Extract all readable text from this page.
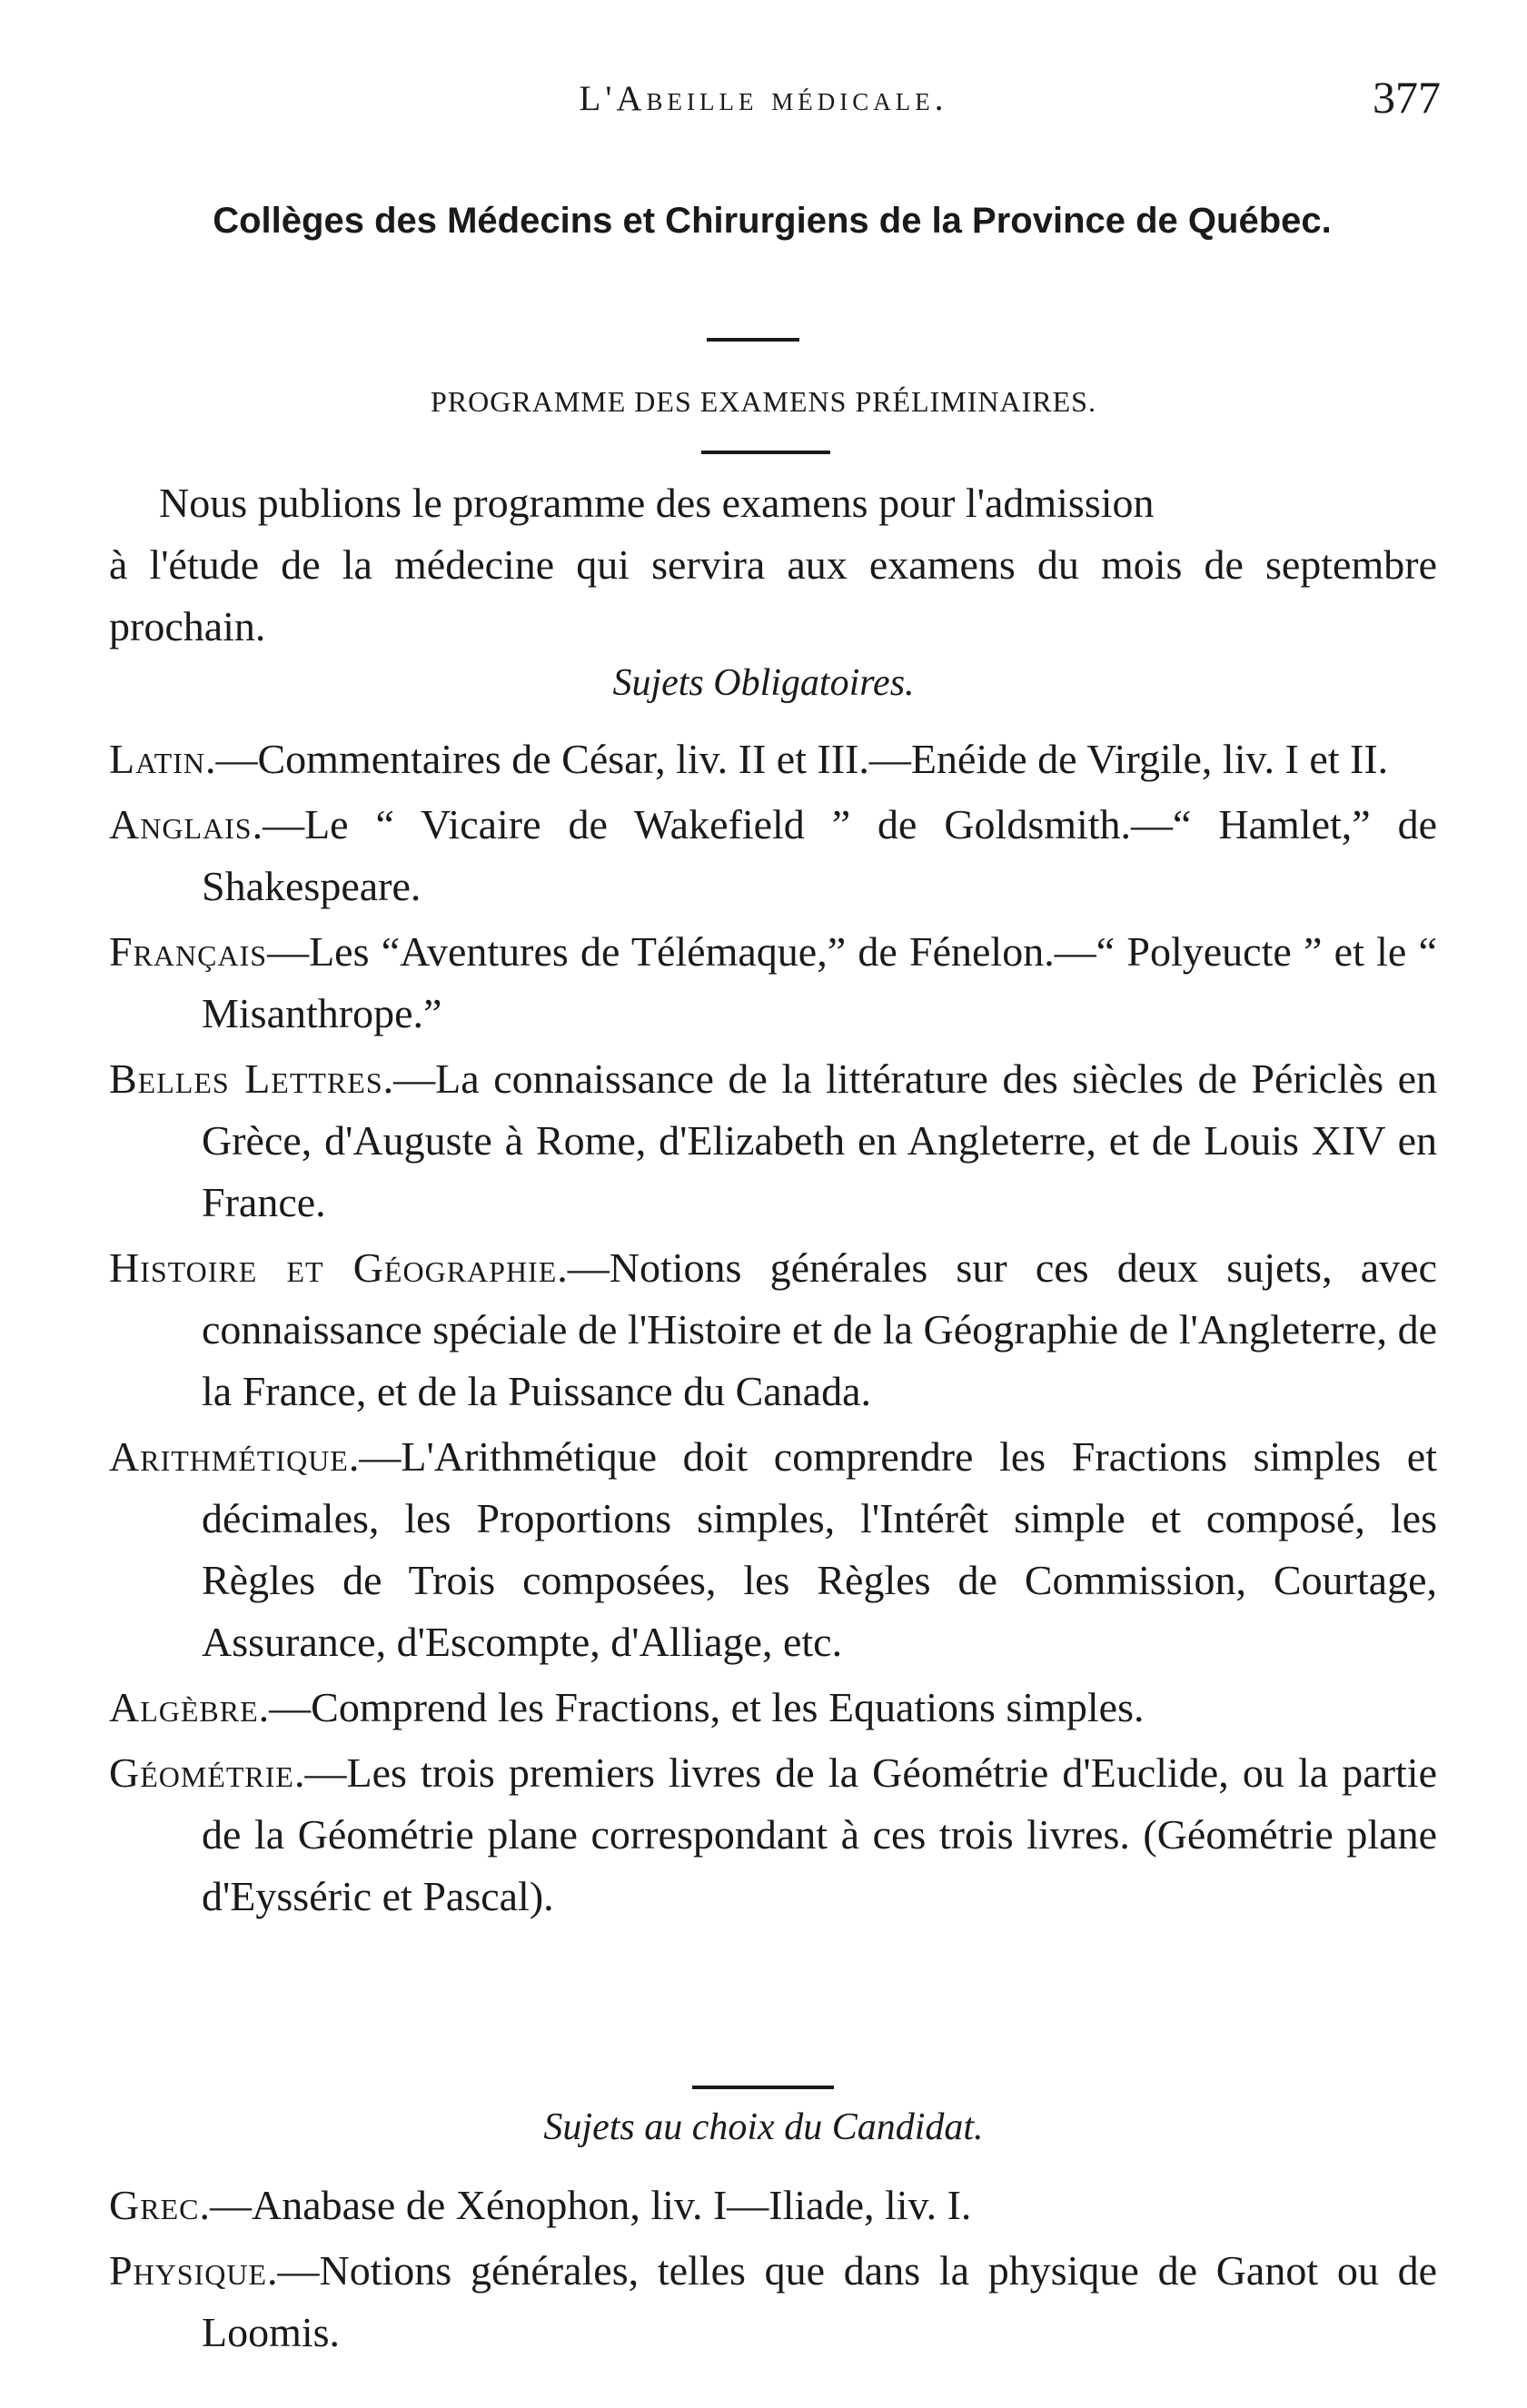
L'Abeille médicale.	377
Collèges des Médecins et Chirurgiens de la Province de Québec.
PROGRAMME DES EXAMENS PRÉLIMINAIRES.
Nous publions le programme des examens pour l'admission
à l'étude de la médecine qui servira aux examens du mois de septembre prochain.
Sujets Obligatoires.
Latin.—Commentaires de César, liv. II et III.—Enéide de Virgile, liv. I et II.
Anglais.—Le “ Vicaire de Wakefield ” de Goldsmith.—“ Hamlet,” de Shakespeare.
Français—Les “Aventures de Télémaque,” de Fénelon.—“ Polyeucte ” et le “ Misanthrope.”
Belles Lettres.—La connaissance de la littérature des siècles de Périclès en Grèce, d'Auguste à Rome, d'Elizabeth en Angleterre, et de Louis XIV en France.
Histoire et Géographie.—Notions générales sur ces deux sujets, avec connaissance spéciale de l'Histoire et de la Géographie de l'Angleterre, de la France, et de la Puissance du Canada.
Arithmétique.—L'Arithmétique doit comprendre les Fractions simples et décimales, les Proportions simples, l'Intérêt simple et composé, les Règles de Trois composées, les Règles de Commission, Courtage, Assurance, d'Escompte, d'Alliage, etc.
Algèbre.—Comprend les Fractions, et les Equations simples.
Géométrie.—Les trois premiers livres de la Géométrie d'Euclide, ou la partie de la Géométrie plane correspondant à ces trois livres. (Géométrie plane d'Eysséric et Pascal).
Sujets au choix du Candidat.
Grec.—Anabase de Xénophon, liv. I—Iliade, liv. I.
Physique.—Notions générales, telles que dans la physique de Ganot ou de Loomis.
